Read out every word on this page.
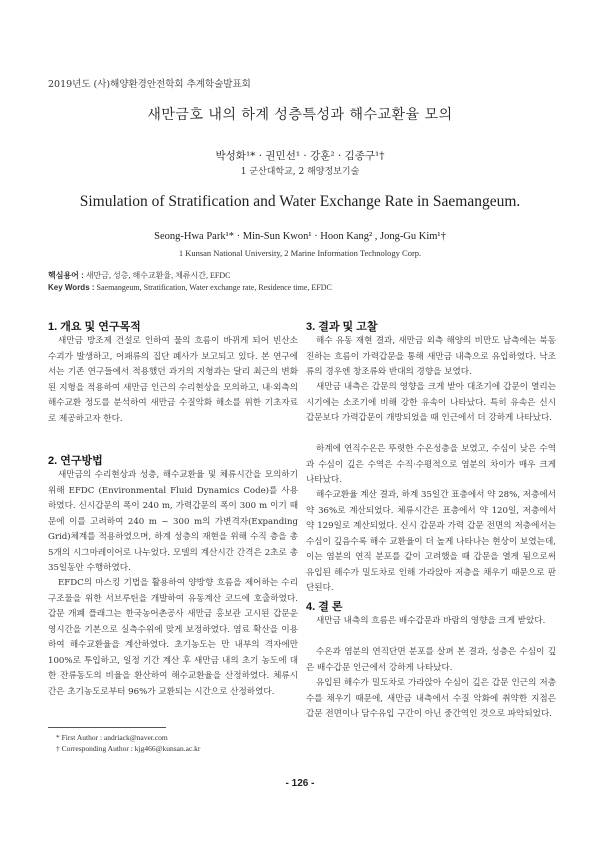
2019년도 (사)해양환경안전학회 추계학술발표회
새만금호 내의 하계 성층특성과 해수교환율 모의
박성화¹* · 권민선¹ · 강훈² · 김종구¹†
1 군산대학교, 2 해양정보기술
Simulation of Stratification and Water Exchange Rate in Saemangeum.
Seong-Hwa Park¹* · Min-Sun Kwon¹ · Hoon Kang² , Jong-Gu Kim¹†
1 Kunsan National University, 2 Marine Information Technology Corp.
핵심용어 : 새만금, 성층, 해수교환율, 체류시간, EFDC
Key Words : Saemangeum, Stratification, Water exchange rate, Residence time, EFDC
1. 개요 및 연구목적
새만금 방조제 건설로 인하여 물의 흐름이 바뀌게 되어 빈산소 수괴가 발생하고, 어패류의 집단 폐사가 보고되고 있다. 본 연구에서는 기존 연구들에서 적용했던 과거의 지형과는 달리 최근의 변화된 지형을 적용하여 새만금 인근의 수리현상을 모의하고, 내·외측의 해수교환 정도를 분석하여 새만금 수질악화 해소를 위한 기초자료로 제공하고자 한다.
2. 연구방법
새만금의 수리현상과 성층, 해수교환율 및 체류시간을 모의하기 위해 EFDC (Environmental Fluid Dynamics Code)를 사용하였다. 신시갑문의 폭이 240 m, 가력갑문의 폭이 300 m 이기 때문에 이를 고려하여 240 m ~ 300 m의 가변격자(Expanding Grid)체계를 적용하였으며, 하계 성층의 재현을 위해 수직 층을 총 5개의 시그마레이어로 나누었다. 모델의 계산시간 간격은 2초로 총 35일동안 수행하였다.
EFDC의 마스킹 기법을 활용하여 양방향 흐름을 제어하는 수리구조물을 위한 서브루틴을 개발하여 유동계산 코드에 호출하였다. 갑문 개폐 플래그는 한국농어촌공사 새만금 홍보관 고시된 갑문운영시간을 기본으로 실측수위에 맞게 보정하였다. 염료 확산을 이용하여 해수교환율을 계산하였다. 초기농도는 만 내부의 격자에만 100%로 투입하고, 일정 기간 계산 후 새만금 내의 초기 농도에 대한 잔류동도의 비율을 환산하여 해수교환율을 산정하였다. 체류시간은 초기농도로부터 96%가 교환되는 시간으로 산정하였다.
3. 결과 및 고찰
해수 유동 재현 결과, 새만금 외측 해양의 비만도 남측에는 북동진하는 흐름이 가력갑문을 통해 새만금 내측으로 유입하였다. 낙조류의 경우엔 창조류와 반대의 경향을 보였다.
새만금 내측은 갑문의 영향을 크게 받아 대조기에 갑문이 열리는 시기에는 소조기에 비해 강한 유속이 나타났다. 특히 유속은 신시 갑문보다 가력갑문이 개방되었을 때 인근에서 더 강하게 나타났다.
하계에 연직수온은 뚜렷한 수온성층을 보였고, 수심이 낮은 수역과 수심이 깊은 수역은 수직·수평적으로 염분의 차이가 매우 크게 나타났다.
해수교환율 계산 결과, 하계 35일간 표층에서 약 28%, 저층에서 약 36%로 계산되었다. 체류시간은 표층에서 약 120일, 저층에서 약 129일로 계산되었다. 신시 갑문과 가력 갑문 전면의 저층에서는 수심이 깊음수록 해수 교환율이 더 높게 나타나는 현상이 보였는데, 이는 염분의 연직 분포를 같이 고려했을 때 갑문을 열게 됨으로써 유입된 해수가 밀도차로 인해 가라앉아 저층을 채우기 때문으로 판단된다.
4. 결 론
새만금 내측의 흐름은 배수갑문과 바람의 영향을 크게 받았다.
수온과 염분의 연직단면 분포를 살펴 본 결과, 성층은 수심이 깊은 배수갑문 인근에서 강하게 나타났다.
유입된 해수가 밀도차로 가라앉아 수심이 깊은 갑문 인근의 저층수를 채우기 때문에, 새만금 내측에서 수질 악화에 취약한 지점은 갑문 전면이나 담수유입 구간이 아닌 중간역인 것으로 파악되었다.
* First Author : andriack@naver.com
† Corresponding Author : kjg466@kunsan.ac.kr
- 126 -
